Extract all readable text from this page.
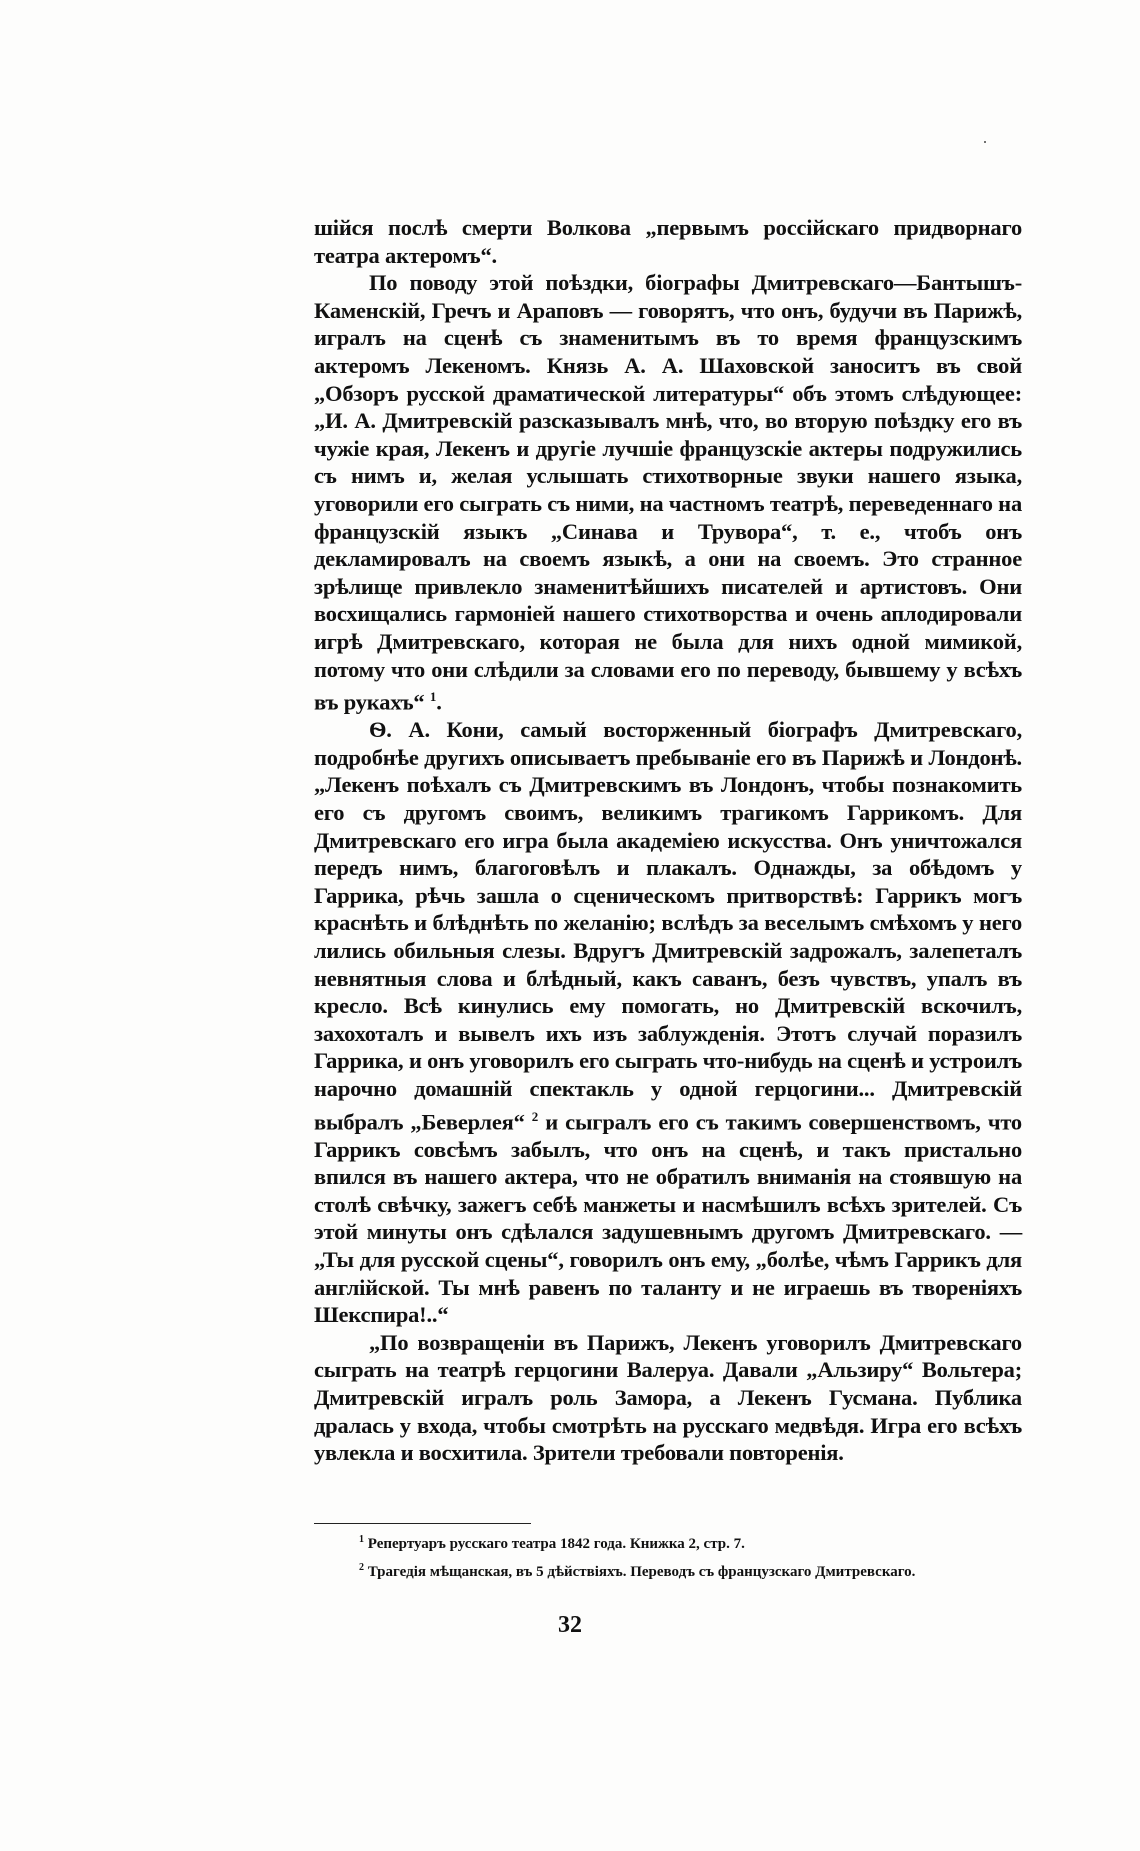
шійся послѣ смерти Волкова „первымъ россійскаго придворнаго театра актеромъ“.

По поводу этой поѣздки, біографы Дмитревскаго—Бантышъ-Каменскій, Гречъ и Араповъ — говорятъ, что онъ, будучи въ Парижѣ, игралъ на сценѣ съ знаменитымъ въ то время французскимъ актеромъ Лекеномъ. Князь А. А. Шаховской заноситъ въ свой „Обзоръ русской драматической литературы“ объ этомъ слѣдующее: „И. А. Дмитревскій разсказывалъ мнѣ, что, во вторую поѣздку его въ чужіе края, Лекенъ и другіе лучшіе французскіе актеры подружились съ нимъ и, желая услышать стихотворные звуки нашего языка, уговорили его сыграть съ ними, на частномъ театрѣ, переведеннаго на французскій языкъ „Синава и Трувора“, т. е., чтобъ онъ декламировалъ на своемъ языкѣ, а они на своемъ. Это странное зрѣлище привлекло знаменитѣйшихъ писателей и артистовъ. Они восхищались гармоніей нашего стихотворства и очень аплодировали игрѣ Дмитревскаго, которая не была для нихъ одной мимикой, потому что они слѣдили за словами его по переводу, бывшему у всѣхъ въ рукахъ“ $^1$.

Ѳ. А. Кони, самый восторженный біографъ Дмитревскаго, подробнѣе другихъ описываетъ пребываніе его въ Парижѣ и Лондонѣ. „Лекенъ поѣхалъ съ Дмитревскимъ въ Лондонъ, чтобы познакомить его съ другомъ своимъ, великимъ трагикомъ Гаррикомъ. Для Дмитревскаго его игра была академіею искусства. Онъ уничтожался передъ нимъ, благоговѣлъ и плакалъ. Однажды, за обѣдомъ у Гаррика, рѣчь зашла о сценическомъ притворствѣ: Гаррикъ могъ краснѣть и блѣднѣть по желанію; вслѣдъ за веселымъ смѣхомъ у него лились обильныя слезы. Вдругъ Дмитревскій задрожалъ, залепеталъ невнятныя слова и блѣдный, какъ саванъ, безъ чувствъ, упалъ въ кресло. Всѣ кинулись ему помогать, но Дмитревскій вскочилъ, захохоталъ и вывелъ ихъ изъ заблужденія. Этотъ случай поразилъ Гаррика, и онъ уговорилъ его сыграть что-нибудь на сценѣ и устроилъ нарочно домашній спектакль у одной герцогини... Дмитревскій выбралъ „Беверлея“ $^2$ и сыгралъ его съ такимъ совершенствомъ, что Гаррикъ совсѣмъ забылъ, что онъ на сценѣ, и такъ пристально впился въ нашего актера, что не обратилъ вниманія на стоявшую на столѣ свѣчку, зажегъ себѣ манжеты и насмѣшилъ всѣхъ зрителей. Съ этой минуты онъ сдѣлался задушевнымъ другомъ Дмитревскаго. — „Ты для русской сцены“, говорилъ онъ ему, „болѣе, чѣмъ Гаррикъ для англійской. Ты мнѣ равенъ по таланту и не играешь въ твореніяхъ Шекспира!..“

„По возвращеніи въ Парижъ, Лекенъ уговорилъ Дмитревскаго сыграть на театрѣ герцогини Валеруа. Давали „Альзиру“ Вольтера; Дмитревскій игралъ роль Замора, а Лекенъ Гусмана. Публика дралась у входа, чтобы смотрѣть на русскаго медвѣдя. Игра его всѣхъ увлекла и восхитила. Зрители требовали повторенія.

$^1$ Репертуаръ русскаго театра 1842 года. Книжка 2, стр. 7.

$^2$ Трагедія мѣщанская, въ 5 дѣйствіяхъ. Переводъ съ французскаго Дмитревскаго.

32
